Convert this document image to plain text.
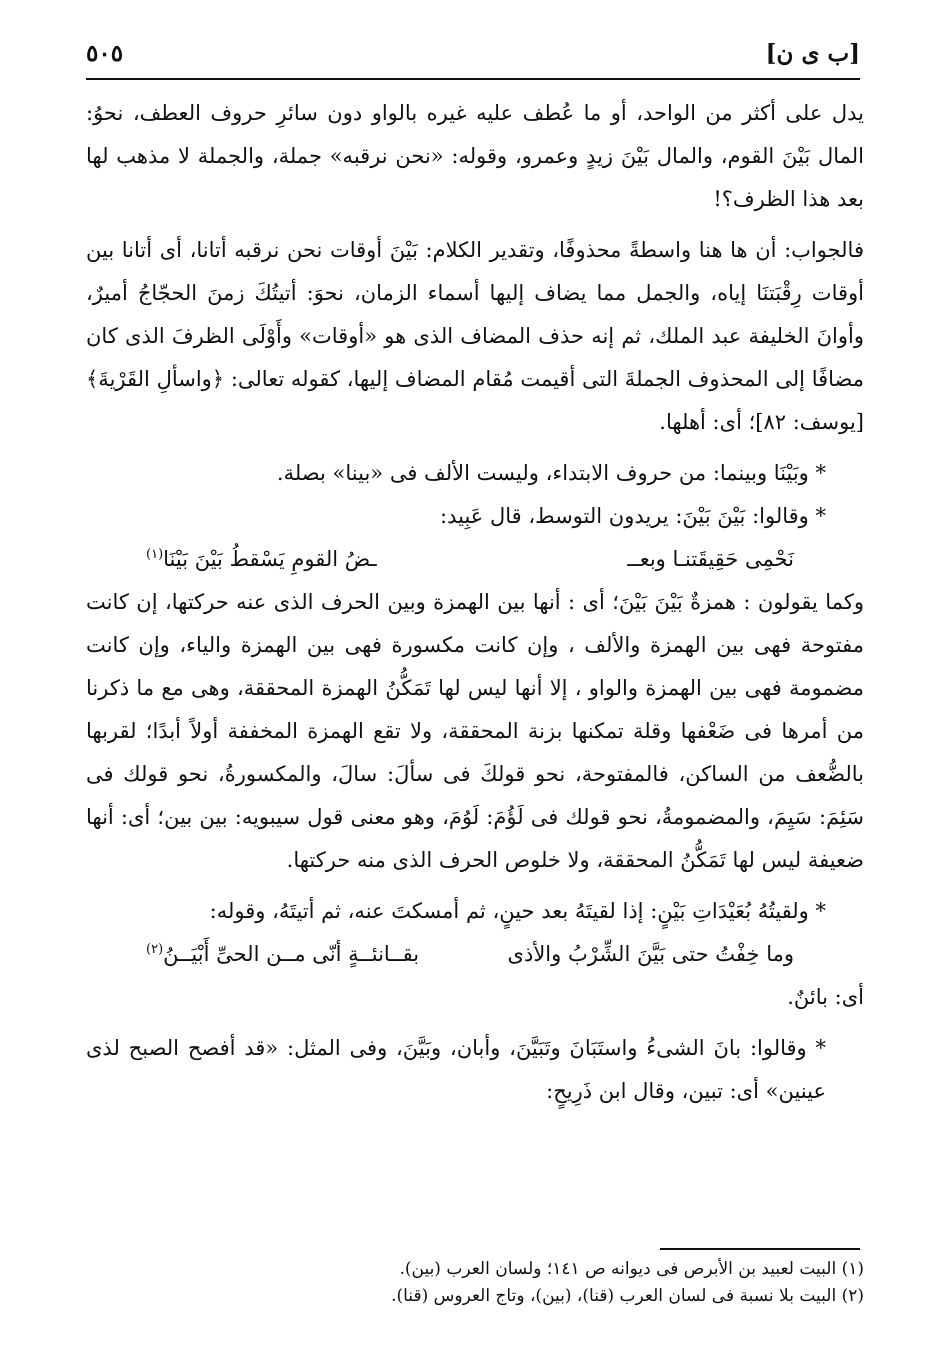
٥٠٥	[ب ى ن]

يدل على أكثر من الواحد، أو ما عُطف عليه غيره بالواو دون سائرِ حروف العطف، نحوُ: المال بَيْنَ القوم، والمال بَيْنَ زيدٍ وعمرو، وقوله: «نحن نرقبه» جملة، والجملة لا مذهب لها بعد هذا الظرف؟!

فالجواب: أن ها هنا واسطةً محذوفًا، وتقدير الكلام: بَيْنَ أوقات نحن نرقبه أتانا، أى أتانا بين أوقات رِقْبَتنَا إياه، والجمل مما يضاف إليها أسماء الزمان، نحوَ: أتيتُكَ زمنَ الحجّاجُ أميرٌ، وأوانَ الخليفة عبد الملك، ثم إنه حذف المضاف الذى هو «أوقات» وأَوْلَى الظرفَ الذى كان مضافًا إلى المحذوف الجملةَ التى أقيمت مُقام المضاف إليها، كقوله تعالى: ﴿واسألِ القَرْيةَ﴾ [يوسف: ٨٢]؛ أى: أهلها.

* وبَيْنَا وبينما: من حروف الابتداء، وليست الألف فى «بينا» بصلة.

* وقالوا: بَيْنَ بَيْنَ: يريدون التوسط، قال عَبِيد:

نَحْمِى حَقِيقَتنـا وبعــ
ـضُ القومِ يَسْقطُ بَيْنَ بَيْنَا$^{(١)}$

وكما يقولون : همزةٌ بَيْنَ بَيْنَ؛ أى : أنها بين الهمزة وبين الحرف الذى عنه حركتها، إن كانت مفتوحة فهى بين الهمزة والألف ، وإن كانت مكسورة فهى بين الهمزة والياء، وإن كانت مضمومة فهى بين الهمزة والواو ، إلا أنها ليس لها تَمَكُّنُ الهمزة المحققة، وهى مع ما ذكرنا من أمرها فى ضَعْفها وقلة تمكنها بزنة المحققة، ولا تقع الهمزة المخففة أولاً أبدًا؛ لقربها بالضُّعف من الساكن، فالمفتوحة، نحو قولكَ فى سألَ: سالَ، والمكسورةُ، نحو قولك فى سَئِمَ: سَيِمَ، والمضمومةُ، نحو قولك فى لَؤُمَ: لَوُمَ، وهو معنى قول سيبويه: بين بين؛ أى: أنها ضعيفة ليس لها تَمَكُّنُ المحققة، ولا خلوص الحرف الذى منه حركتها.

* ولقيتُهُ بُعَيْدَاتِ بَيْنٍ: إذا لقيتَهُ بعد حينٍ، ثم أمسكتَ عنه، ثم أتيتَهُ، وقوله:

وما خِفْتُ حتى بَيَّنَ الشِّرْبُ والأذى
بقــانئــةٍ أنّى مــن الحىِّ أَبْيَــنُ$^{(٢)}$

أى: بائنٌ.

* وقالوا: بانَ الشىءُ واستَبَانَ وتَبَيَّنَ، وأبان، وبَيَّنَ، وفى المثل: «قد أفصح الصبح لذى عينين» أى: تبين، وقال ابن ذَرِيحٍ:

(١) البيت لعبيد بن الأبرص فى ديوانه ص ١٤١؛ ولسان العرب (بين).

(٢) البيت بلا نسبة فى لسان العرب (قنا)، (بين)، وتاج العروس (قنا).
